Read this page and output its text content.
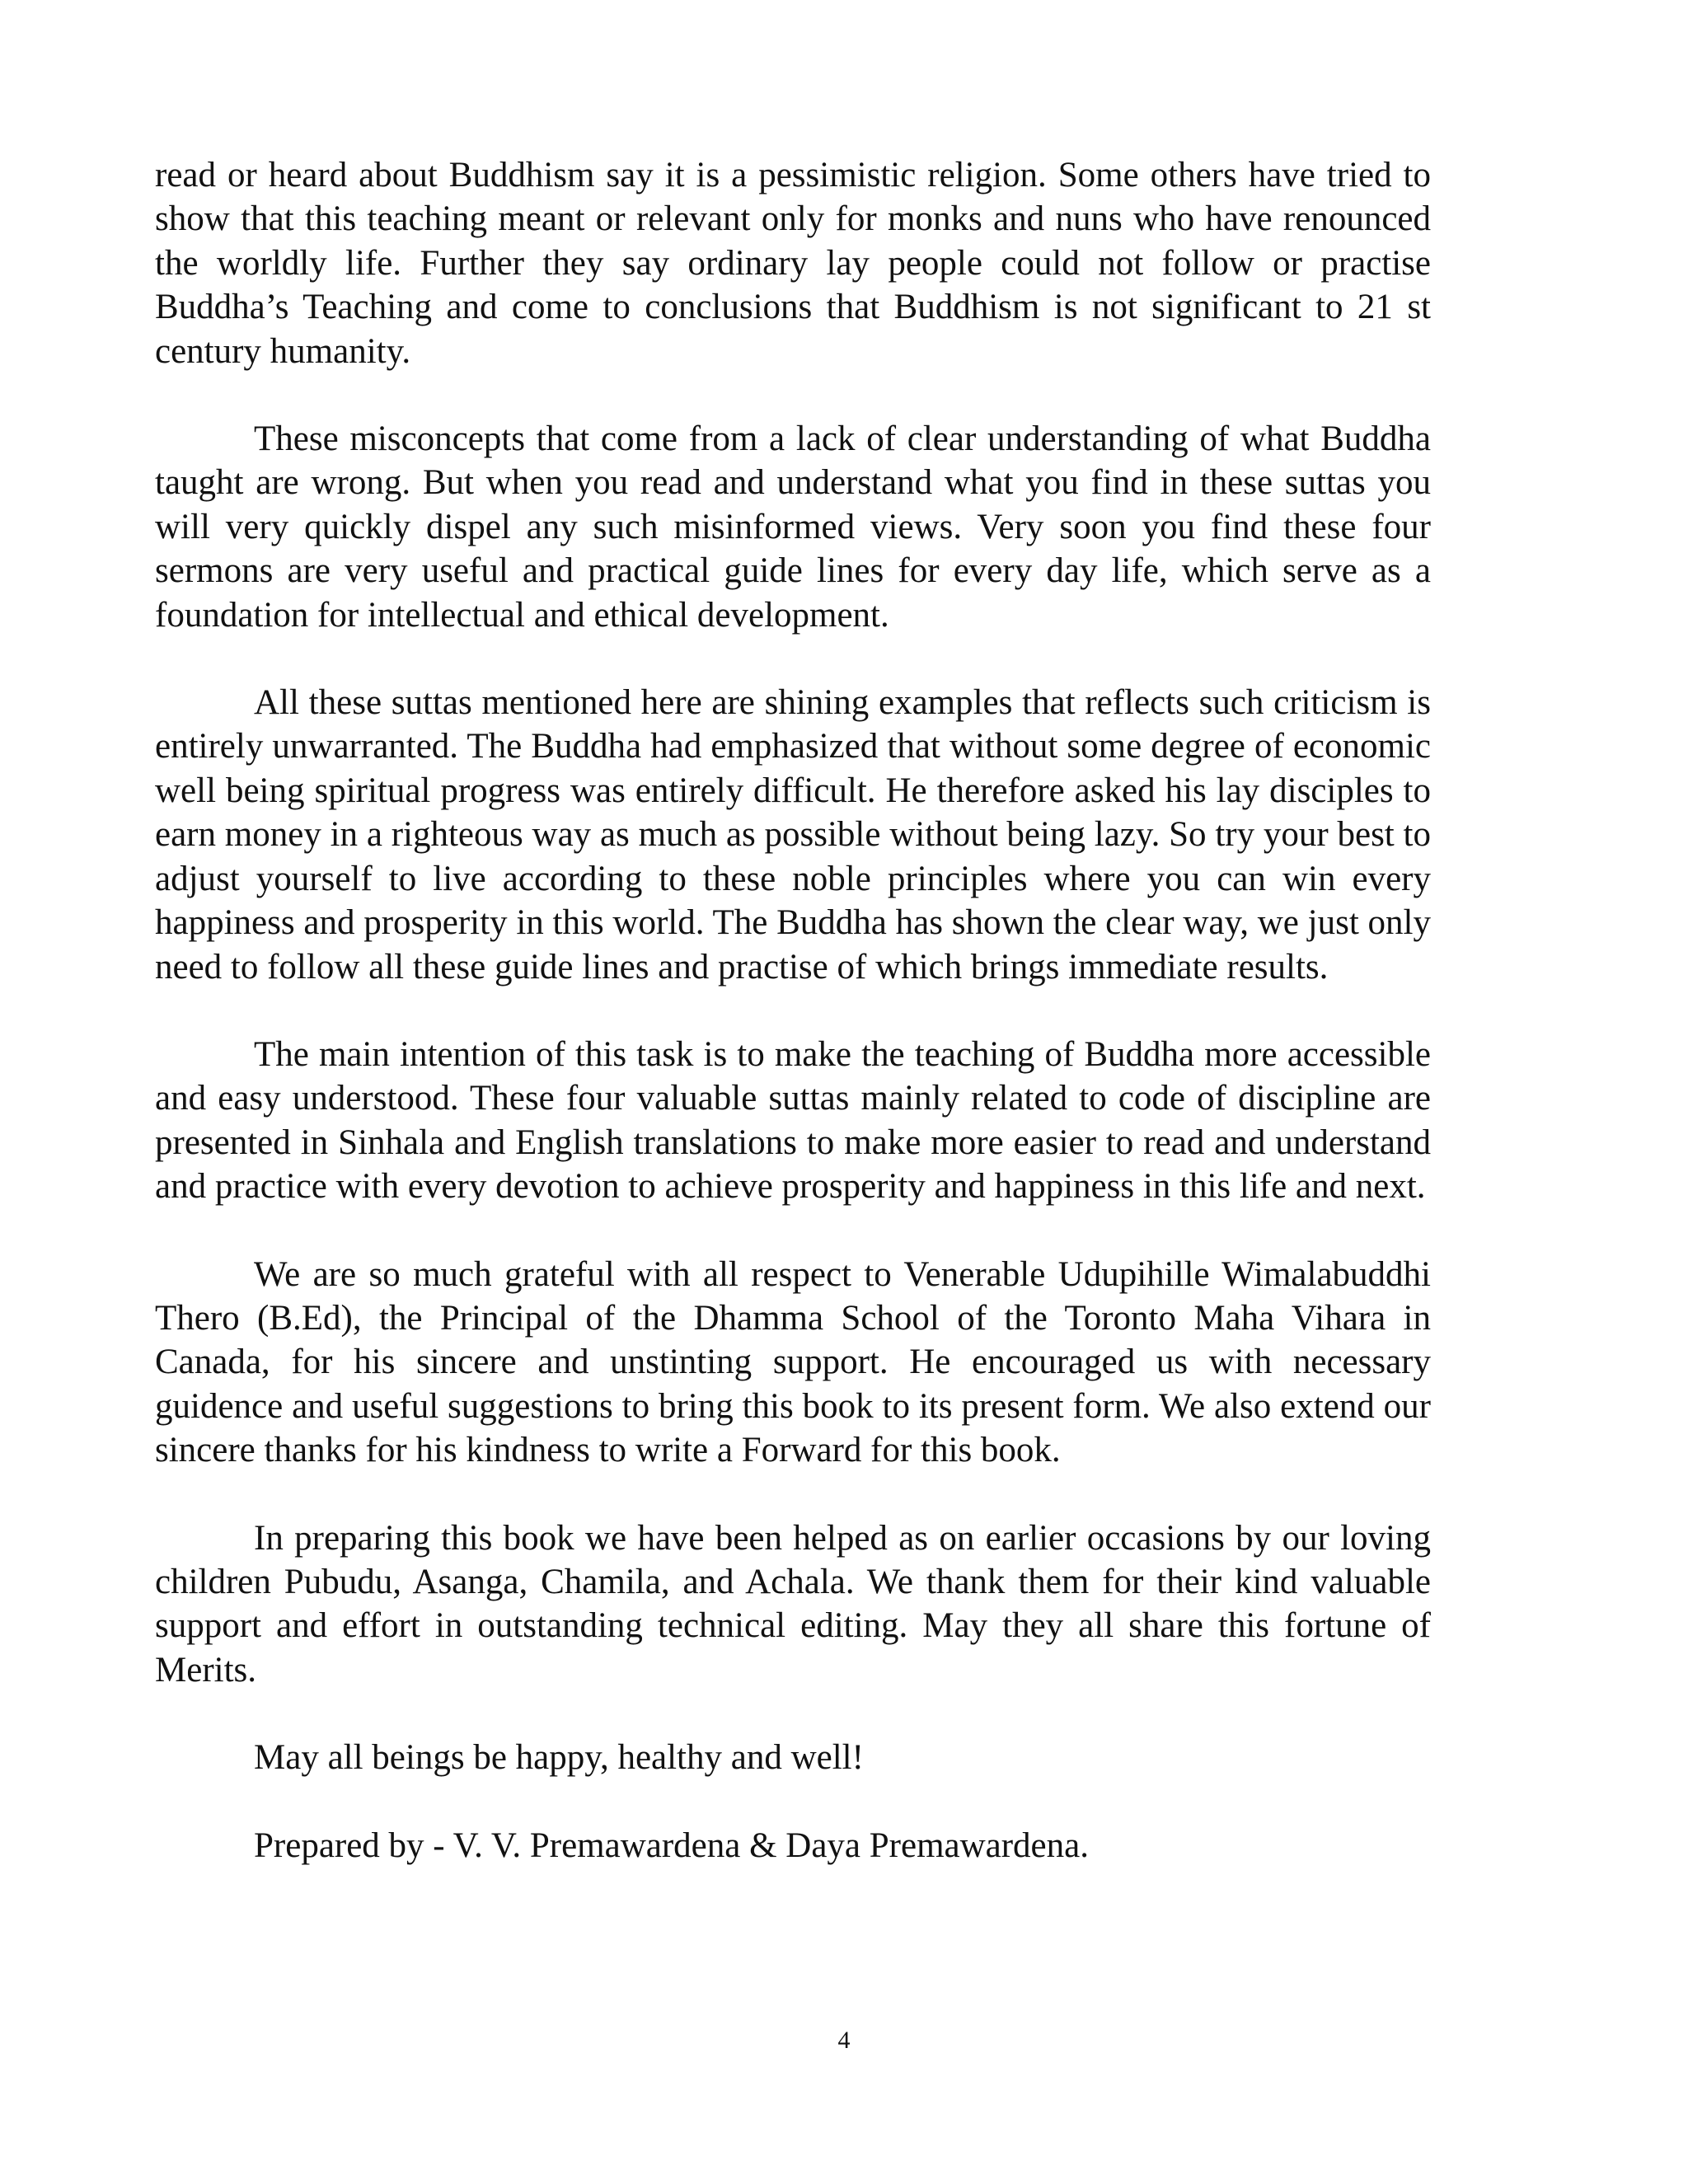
read or heard about Buddhism say it is a pessimistic religion. Some others have tried to show that this teaching meant or relevant only for monks and nuns who have renounced the worldly life. Further they say ordinary lay people could not follow or practise Buddha’s Teaching and come to conclusions that Buddhism is not significant to 21 st century humanity.

These misconcepts that come from a lack of clear understanding of what Buddha taught are wrong. But when you read and understand what you find in these suttas you will very quickly dispel any such misinformed views. Very soon you find these four sermons are very useful and practical guide lines for every day life, which serve as a foundation for intellectual and ethical development.

All these suttas mentioned here are shining examples that reflects such criticism is entirely unwarranted. The Buddha had emphasized that without some degree of economic well being spiritual progress was entirely difficult. He therefore asked his lay disciples to earn money in a righteous way as much as possible without being lazy. So try your best to adjust yourself to live according to these noble principles where you can win every happiness and prosperity in this world. The Buddha has shown the clear way, we just only need to follow all these guide lines and practise of which brings immediate results.

The main intention of this task is to make the teaching of Buddha more accessible and easy understood. These four valuable suttas mainly related to code of discipline are presented in Sinhala and English translations to make more easier to read and understand and practice with every devotion to achieve prosperity and happiness in this life and next.

We are so much grateful with all respect to Venerable Udupihille Wimalabuddhi Thero (B.Ed), the Principal of the Dhamma School of the Toronto Maha Vihara in Canada, for his sincere and unstinting support. He encouraged us with necessary guidence and useful suggestions to bring this book to its present form. We also extend our sincere thanks for his kindness to write a Forward for this book.

In preparing this book we have been helped as on earlier occasions by our loving children Pubudu, Asanga, Chamila, and Achala. We thank them for their kind valuable support and effort in outstanding technical editing. May they all share this fortune of Merits.

May all beings be happy, healthy and well!

Prepared by - V. V. Premawardena & Daya Premawardena.

4
